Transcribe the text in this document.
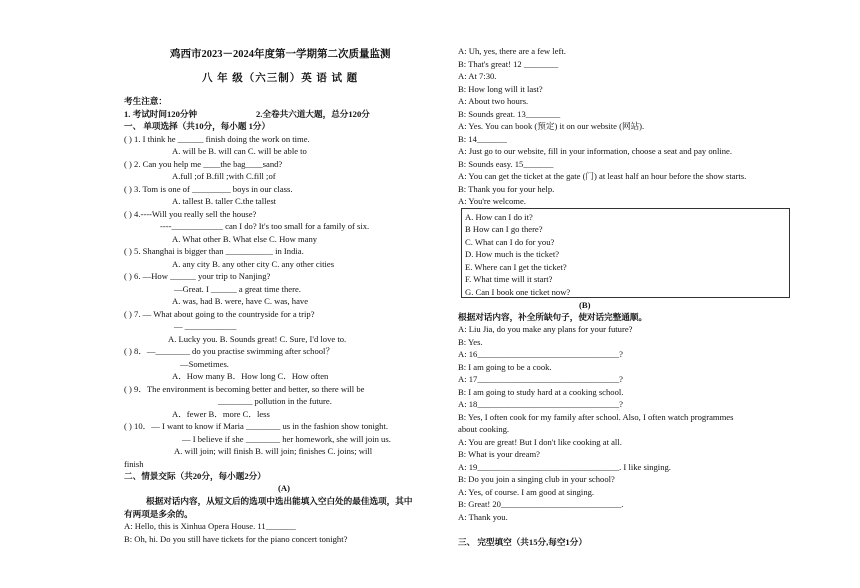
鸡西市2023－2024年度第一学期第二次质量监测
八 年 级（六三制）英 语 试 题
考生注意：
1. 考试时间120分钟	2.全卷共六道大题，总分120分
一、 单项选择（共10分，每小题 1分）
( ) 1. I think he ______ finish doing the work on time.
A. will be B. will can C. will be able to
( ) 2. Can you help me ____the bag____sand?
A.full ;of B.fill ;with C.fill ;of
( ) 3. Tom is one of _________ boys in our class.
A. tallest B. taller C.the tallest
( ) 4.----Will you really sell the house?
----____________ can I do? It's too small for a family of six.
A. What other B. What else C. How many
( ) 5. Shanghai is bigger than ___________ in India.
A. any city B. any other city C. any other cities
( ) 6. —How ______ your trip to Nanjing?
—Great. I ______ a great time there.
A. was, had B. were, have C. was, have
( ) 7. — What about going to the countryside for a trip?
— ____________
A. Lucky you. B. Sounds great! C. Sure, I'd love to.
( ) 8．—________ do you practise swimming after school？
—Sometimes.
A．How many B．How long C．How often
( ) 9．The environment is becoming better and better, so there will be
________ pollution in the future.
A．fewer B．more C．less
( ) 10．— I want to know if Maria ________ us in the fashion show tonight.
— I believe if she ________ her homework, she will join us.
A. will join; will finish B. will join; finishes C. joins; will
finish
二、情景交际（共20分，每小题2分）
(A)
根据对话内容，从短文后的选项中选出能填入空白处的最佳选项，其中
有两项是多余的。
A: Hello, this is Xinhua Opera House. 11_______
B: Oh, hi. Do you still have tickets for the piano concert tonight?
A: Uh, yes, there are a few left.
B: That's great! 12 ________
A: At 7:30.
B: How long will it last?
A: About two hours.
B: Sounds great. 13________
A: Yes. You can book (预定) it on our website (网站).
B: 14_______
A: Just go to our website, fill in your information, choose a seat and pay online.
B: Sounds easy. 15_______
A: You can get the ticket at the gate (门) at least half an hour before the show starts.
B: Thank you for your help.
A: You're welcome.
A. How can I do it?
B How can I go there?
C. What can I do for you?
D. How much is the ticket?
E. Where can I get the ticket?
F. What time will it start?
G. Can I book one ticket now?
(B)
根据对话内容，补全所缺句子，使对话完整通顺。
A: Liu Jia, do you make any plans for your future?
B: Yes.
A: 16_________________________________?
B: I am going to be a cook.
A: 17_________________________________?
B: I am going to study hard at a cooking school.
A: 18_________________________________?
B: Yes, I often cook for my family after school. Also, I often watch programmes
about cooking.
A: You are great! But I don't like cooking at all.
B: What is your dream?
A: 19_________________________________. I like singing.
B: Do you join a singing club in your school?
A: Yes, of course. I am good at singing.
B: Great! 20____________________________.
A: Thank you.
三、 完型填空（共15分,每空1分）
